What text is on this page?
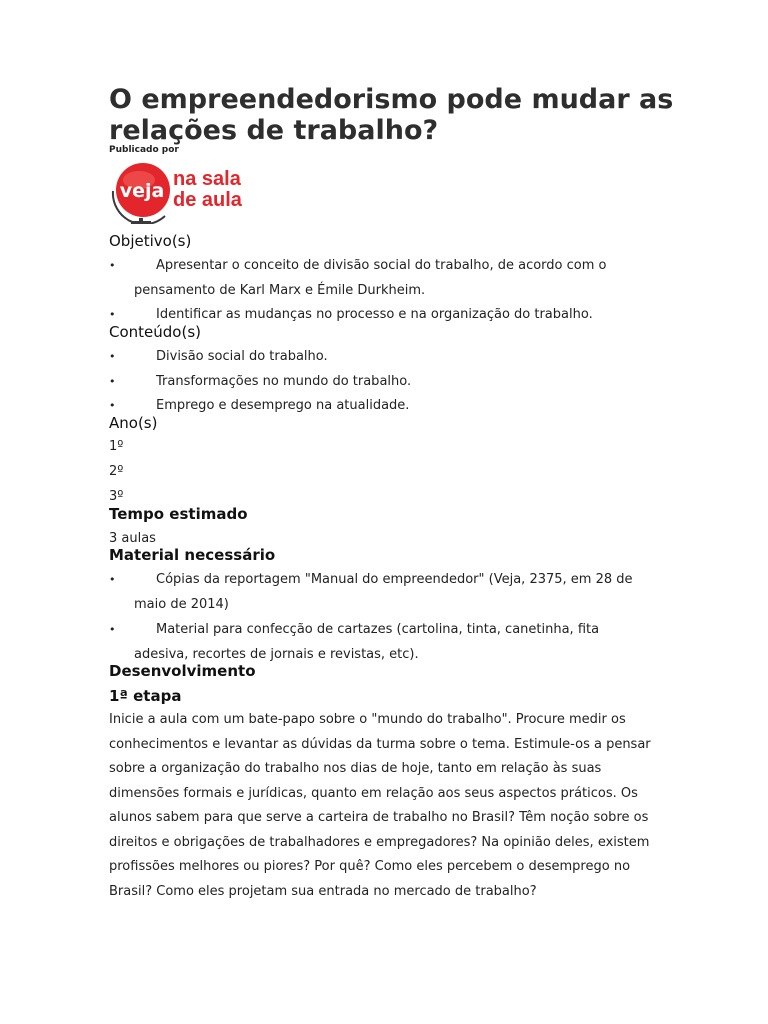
O empreendedorismo pode mudar as relações de trabalho?
Publicado por
veja
na sala
de aula
Objetivo(s)
•	Apresentar o conceito de divisão social do trabalho, de acordo com o
pensamento de Karl Marx e Émile Durkheim.
•	Identificar as mudanças no processo e na organização do trabalho.
Conteúdo(s)
•	Divisão social do trabalho.
•	Transformações no mundo do trabalho.
•	Emprego e desemprego na atualidade.
Ano(s)
1º
2º
3º
Tempo estimado
3 aulas
Material necessário
•	Cópias da reportagem "Manual do empreendedor" (Veja, 2375, em 28 de
maio de 2014)
•	Material para confecção de cartazes (cartolina, tinta, canetinha, fita
adesiva, recortes de jornais e revistas, etc).
Desenvolvimento
1ª etapa
Inicie a aula com um bate-papo sobre o "mundo do trabalho". Procure medir os conhecimentos e levantar as dúvidas da turma sobre o tema. Estimule-os a pensar sobre a organização do trabalho nos dias de hoje, tanto em relação às suas dimensões formais e jurídicas, quanto em relação aos seus aspectos práticos. Os alunos sabem para que serve a carteira de trabalho no Brasil? Têm noção sobre os direitos e obrigações de trabalhadores e empregadores? Na opinião deles, existem profissões melhores ou piores? Por quê? Como eles percebem o desemprego no Brasil? Como eles projetam sua entrada no mercado de trabalho?
